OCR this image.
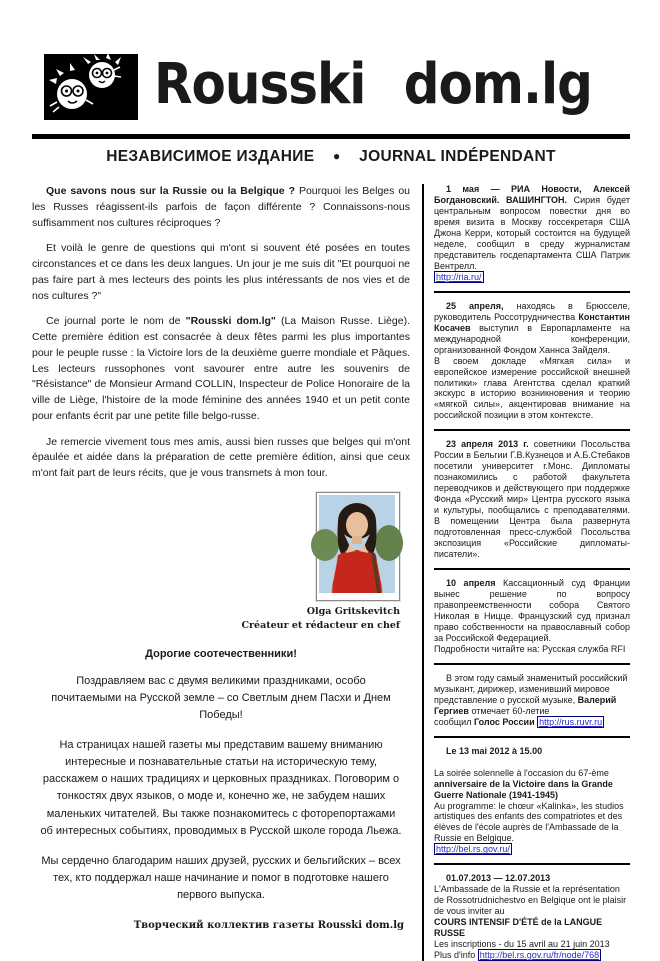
Rousski dom.lg
НЕЗАВИСИМОЕ ИЗДАНИЕ ● JOURNAL INDÉPENDANT

Que savons nous sur la Russie ou la Belgique ? Pourquoi les Belges ou les Russes réagissent-ils parfois de façon différente ? Connaissons-nous suffisamment nos cultures réciproques ?

Et voilà le genre de questions qui m'ont si souvent été posées en toutes circonstances et ce dans les deux langues. Un jour je me suis dit "Et pourquoi ne pas faire part à mes lecteurs des points les plus intéressants de nos vies et de nos cultures ?"

Ce journal porte le nom de "Rousski dom.lg" (La Maison Russe. Liège). Cette première édition est consacrée à deux fêtes parmi les plus importantes pour le peuple russe : la Victoire lors de la deuxième guerre mondiale et Pâques. Les lecteurs russophones vont savourer entre autre les souvenirs de "Résistance" de Monsieur Armand COLLIN, Inspecteur de Police Honoraire de la ville de Liège, l'histoire de la mode féminine des années 1940 et un petit conte pour enfants écrit par une petite fille belgo-russe.

Je remercie vivement tous mes amis, aussi bien russes que belges qui m'ont épaulée et aidée dans la préparation de cette première édition, ainsi que ceux m'ont fait part de leurs récits, que je vous transmets à mon tour.

Olga Gritskevitch
Créateur et rédacteur en chef
Дорогие соотечественники!

Поздравляем вас с двумя великими праздниками, особо почитаемыми на Русской земле – со Светлым днем Пасхи и Днем Победы!

На страницах нашей газеты мы представим вашему вниманию интересные и познавательные статьи на историческую тему, расскажем о наших традициях и церковных праздниках. Поговорим о тонкостях двух языков, о моде и, конечно же, не забудем наших маленьких читателей. Вы также познакомитесь с фоторепортажами об интересных событиях, проводимых в Русской школе города Льежа.

Мы сердечно благодарим наших друзей, русских и бельгийских – всех тех, кто поддержал наше начинание и помог в подготовке нашего первого выпуска.

Творческий коллектив газеты Rousski dom.lg

1 мая — РИА Новости, Алексей Богдановский. ВАШИНГТОН. Сирия будет центральным вопросом повестки дня во время визита в Москву госсекретаря США Джона Керри, который состоится на будущей неделе, сообщил в среду журналистам представитель госдепартамента США Патрик Вентрелл.
http://ria.ru/

25 апреля, находясь в Брюсселе, руководитель Россотрудничества Константин Косачев выступил в Европарламенте на международной конференции, организованной Фондом Ханнса Зайделя.
В своем докладе «Мягкая сила» и европейское измерение российской внешней политики» глава Агентства сделал краткий экскурс в историю возникновения и теорию «мягкой силы», акцентировав внимание на российской позиции в этом контексте.

23 апреля 2013 г. советники Посольства России в Бельгии Г.В.Кузнецов и А.Б.Стебаков посетили университет г.Монс. Дипломаты познакомились с работой факультета переводчиков и действующего при поддержке Фонда «Русский мир» Центра русского языка и культуры, пообщались с преподавателями. В помещении Центра была развернута подготовленная пресс-службой Посольства экспозиция «Российские дипломаты-писатели».

10 апреля Кассационный суд Франции вынес решение по вопросу правопреемственности собора Святого Николая в Ницце. Французский суд признал право собственности на православный собор за Российской Федерацией.
Подробности читайте на: Русская служба RFI

В этом году самый знаменитый российский музыкант, дирижер, изменивший мировое представление о русской музыке, Валерий Гергиев отмечает 60-летие
сообщил Голос России http://rus.ruvr.ru

Le 13 mai 2012 à 15.00

La soirée solennelle à l'occasion du 67-ème anniversaire de la Victoire dans la Grande Guerre Nationale (1941-1945)
Au programme: le chœur «Kalinka», les studios artistiques des enfants des compatriotes et des élèves de l'école auprès de l'Ambassade de la Russie en Belgique.
http://bel.rs.gov.ru/

01.07.2013 — 12.07.2013
L'Ambassade de la Russie et la représentation de Rossotrudnichestvo en Belgique ont le plaisir de vous inviter au
COURS INTENSIF D'ÉTÉ de la LANGUE RUSSE
Les inscriptions - du 15 avril au 21 juin 2013
Plus d'info http://bel.rs.gov.ru/fr/node/768
